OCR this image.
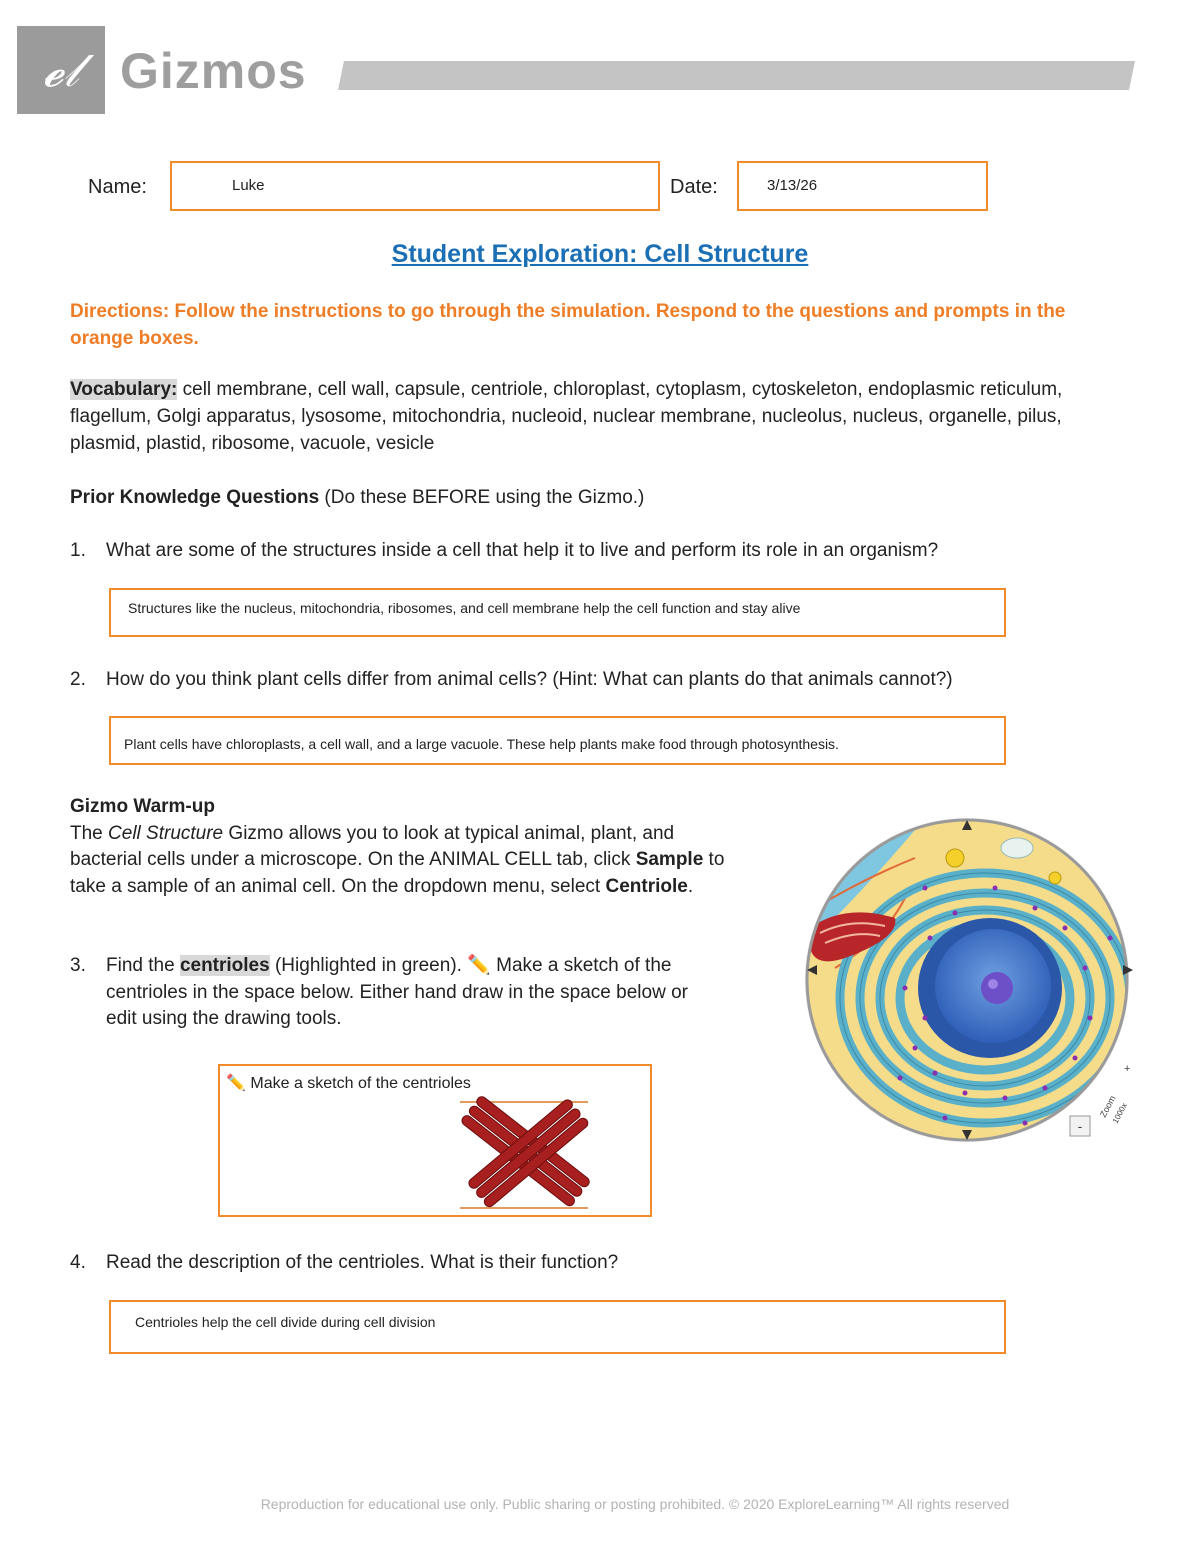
𝓮𝓁 Gizmos
Name:	Luke	Date:	3/13/26
Student Exploration: Cell Structure
Directions: Follow the instructions to go through the simulation. Respond to the questions and prompts in the orange boxes.
Vocabulary: cell membrane, cell wall, capsule, centriole, chloroplast, cytoplasm, cytoskeleton, endoplasmic reticulum, flagellum, Golgi apparatus, lysosome, mitochondria, nucleoid, nuclear membrane, nucleolus, nucleus, organelle, pilus, plasmid, plastid, ribosome, vacuole, vesicle
Prior Knowledge Questions (Do these BEFORE using the Gizmo.)
1. What are some of the structures inside a cell that help it to live and perform its role in an organism?
Structures like the nucleus, mitochondria, ribosomes, and cell membrane help the cell function and stay alive
2. How do you think plant cells differ from animal cells? (Hint: What can plants do that animals cannot?)
Plant cells have chloroplasts, a cell wall, and a large vacuole. These help plants make food through photosynthesis.
Gizmo Warm-up
The Cell Structure Gizmo allows you to look at typical animal, plant, and bacterial cells under a microscope. On the ANIMAL CELL tab, click Sample to take a sample of an animal cell. On the dropdown menu, select Centriole.
3. Find the centrioles (Highlighted in green). ✏️ Make a sketch of the
centrioles in the space below. Either hand draw in the space below or
edit using the drawing tools.
✏️ Make a sketch of the centrioles
4. Read the description of the centrioles. What is their function?
Centrioles help the cell divide during cell division
-
+
Zoom
1000x
Reproduction for educational use only. Public sharing or posting prohibited. © 2020 ExploreLearning™ All rights reserved
